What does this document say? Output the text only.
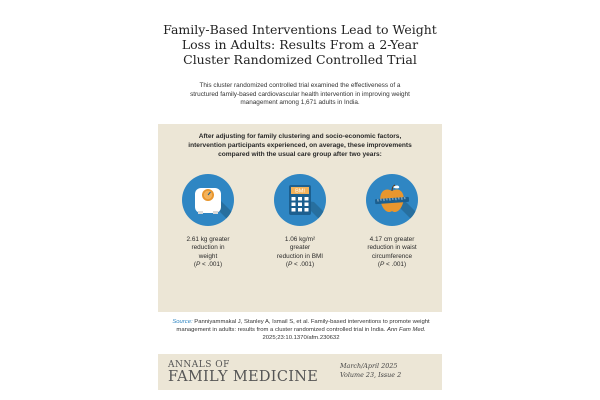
Family-Based Interventions Lead to Weight
Loss in Adults: Results From a 2-Year
Cluster Randomized Controlled Trial
This cluster randomized controlled trial examined the effectiveness of a
structured family-based cardiovascular health intervention in improving weight
management among 1,671 adults in India.
After adjusting for family clustering and socio-economic factors,
intervention participants experienced, on average, these improvements
compared with the usual care group after two years:
2.61 kg greater
reduction in
weight
(P < .001)
BMI
1.06 kg/m²
greater
reduction in BMI
(P < .001)
4.17 cm greater
reduction in waist
circumference
(P < .001)
Source: Panniyammakal J, Stanley A, Ismail S, et al. Family-based interventions to promote weight management in adults: results from a cluster randomized controlled trial in India. Ann Fam Med. 2025;23:10.1370/afm.230632
ANNALS OF
FAMILY MEDICINE
March/April 2025
Volume 23, Issue 2
